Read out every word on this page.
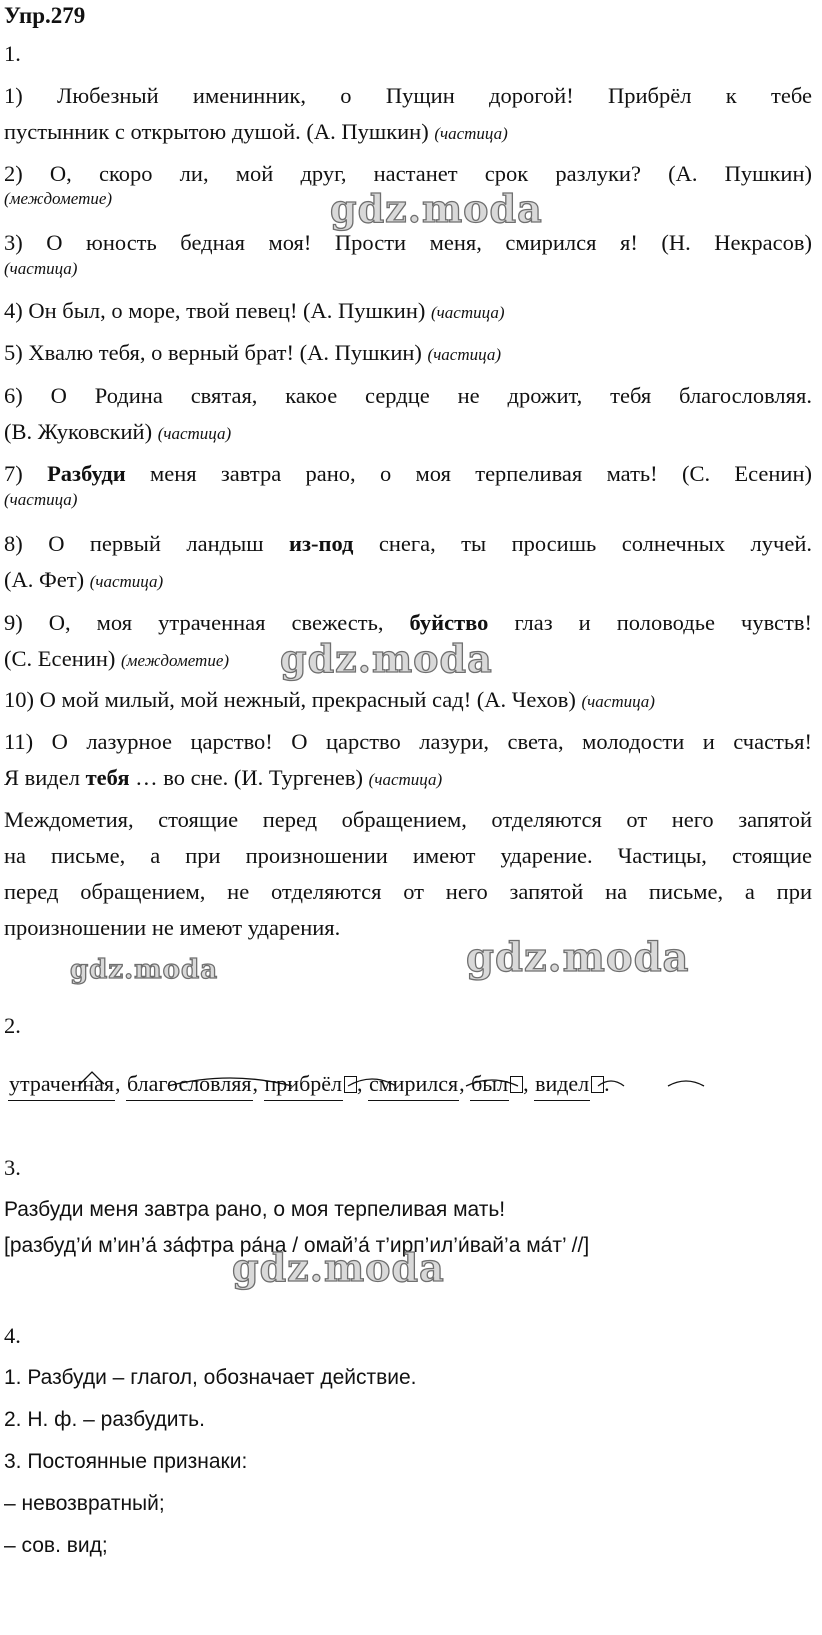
Упр.279
1.
1) Любезный именинник, о Пущин дорогой! Прибрёл к тебе
пустынник с открытою душой. (А. Пушкин) (частица)
2) О, скоро ли, мой друг, настанет срок разлуки? (А. Пушкин)
(междометие)
3) О юность бедная моя! Прости меня, смирился я! (Н. Некрасов)
(частица)
4) Он был, о море, твой певец! (А. Пушкин) (частица)
5) Хвалю тебя, о верный брат! (А. Пушкин) (частица)
6) О Родина святая, какое сердце не дрожит, тебя благословляя.
(В. Жуковский) (частица)
7) Разбуди меня завтра рано, о моя терпеливая мать! (С. Есенин)
(частица)
8) О первый ландыш из-под снега, ты просишь солнечных лучей.
(А. Фет) (частица)
9) О, моя утраченная свежесть, буйство глаз и половодье чувств!
(С. Есенин) (междометие)
10) О мой милый, мой нежный, прекрасный сад! (А. Чехов) (частица)
11) О лазурное царство! О царство лазури, света, молодости и счастья!
Я видел тебя … во сне. (И. Тургенев) (частица)
Междометия, стоящие перед обращением, отделяются от него запятой
на письме, а при произношении имеют ударение. Частицы, стоящие
перед обращением, не отделяются от него запятой на письме, а при
произношении не имеют ударения.
2.
утраченная, благословляя, прибрёл , смирился, был , видел .
3.
Разбуди меня завтра рано, о моя терпеливая мать!
[разбуд’и́ м’ин’а́ за́фтра ра́на / омай’а́ т’ирп’ил’и́вай’а ма́т’ //]
4.
1. Разбуди – глагол, обозначает действие.
2. Н. ф. – разбудить.
3. Постоянные признаки:
– невозвратный;
– сов. вид;
gdz.moda
gdz.moda
gdz.moda
gdz.moda
gdz.moda
